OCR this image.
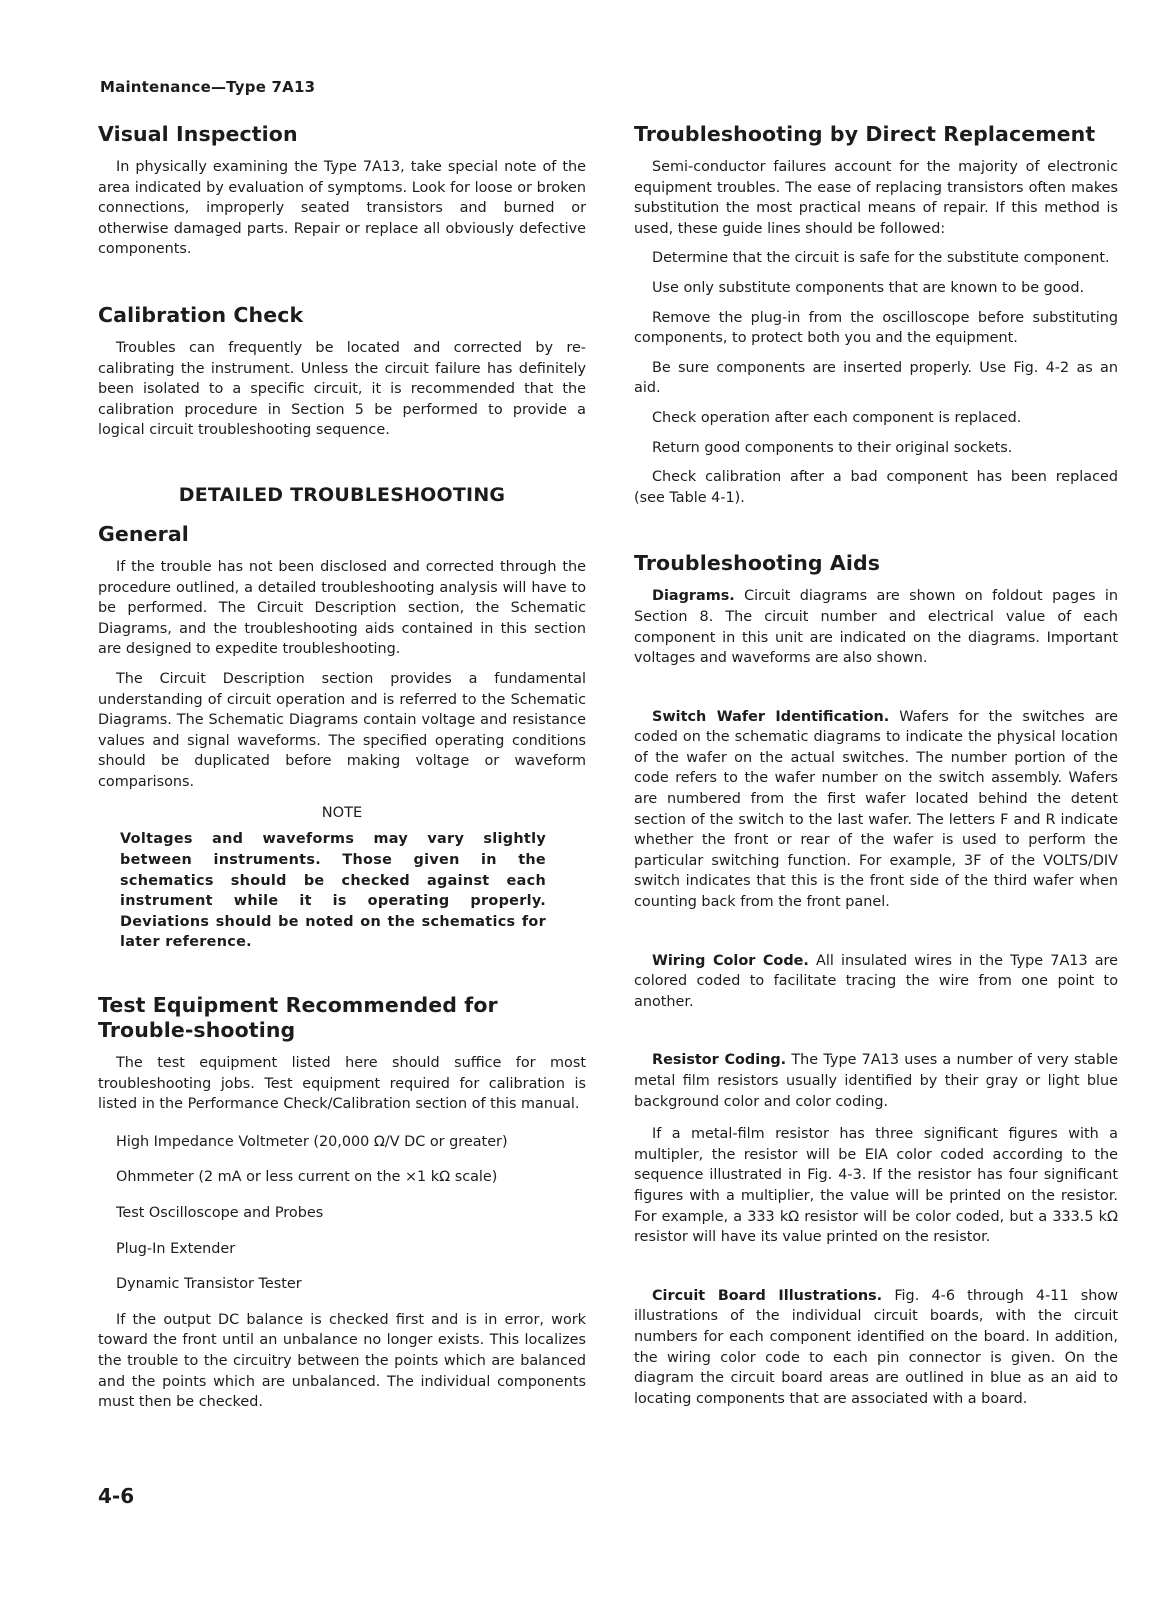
Maintenance—Type 7A13
Visual Inspection

In physically examining the Type 7A13, take special note of the area indicated by evaluation of symptoms. Look for loose or broken connections, improperly seated transistors and burned or otherwise damaged parts. Repair or replace all obviously defective components.

Calibration Check

Troubles can frequently be located and corrected by re-calibrating the instrument. Unless the circuit failure has definitely been isolated to a specific circuit, it is recommended that the calibration procedure in Section 5 be performed to provide a logical circuit troubleshooting sequence.

DETAILED TROUBLESHOOTING
General

If the trouble has not been disclosed and corrected through the procedure outlined, a detailed troubleshooting analysis will have to be performed. The Circuit Description section, the Schematic Diagrams, and the troubleshooting aids contained in this section are designed to expedite troubleshooting.

The Circuit Description section provides a fundamental understanding of circuit operation and is referred to the Schematic Diagrams. The Schematic Diagrams contain voltage and resistance values and signal waveforms. The specified operating conditions should be duplicated before making voltage or waveform comparisons.

NOTE
Voltages and waveforms may vary slightly between instruments. Those given in the schematics should be checked against each instrument while it is operating properly. Deviations should be noted on the schematics for later reference.
Test Equipment Recommended for Trouble-shooting

The test equipment listed here should suffice for most troubleshooting jobs. Test equipment required for calibration is listed in the Performance Check/Calibration section of this manual.

High Impedance Voltmeter (20,000 Ω/V DC or greater)

Ohmmeter (2 mA or less current on the ×1 kΩ scale)

Test Oscilloscope and Probes

Plug-In Extender

Dynamic Transistor Tester

If the output DC balance is checked first and is in error, work toward the front until an unbalance no longer exists. This localizes the trouble to the circuitry between the points which are balanced and the points which are unbalanced. The individual components must then be checked.

Troubleshooting by Direct Replacement

Semi-conductor failures account for the majority of electronic equipment troubles. The ease of replacing transistors often makes substitution the most practical means of repair. If this method is used, these guide lines should be followed:

Determine that the circuit is safe for the substitute component.

Use only substitute components that are known to be good.

Remove the plug-in from the oscilloscope before substituting components, to protect both you and the equipment.

Be sure components are inserted properly. Use Fig. 4-2 as an aid.

Check operation after each component is replaced.

Return good components to their original sockets.

Check calibration after a bad component has been replaced (see Table 4-1).

Troubleshooting Aids

Diagrams. Circuit diagrams are shown on foldout pages in Section 8. The circuit number and electrical value of each component in this unit are indicated on the diagrams. Important voltages and waveforms are also shown.

Switch Wafer Identification. Wafers for the switches are coded on the schematic diagrams to indicate the physical location of the wafer on the actual switches. The number portion of the code refers to the wafer number on the switch assembly. Wafers are numbered from the first wafer located behind the detent section of the switch to the last wafer. The letters F and R indicate whether the front or rear of the wafer is used to perform the particular switching function. For example, 3F of the VOLTS/DIV switch indicates that this is the front side of the third wafer when counting back from the front panel.

Wiring Color Code. All insulated wires in the Type 7A13 are colored coded to facilitate tracing the wire from one point to another.

Resistor Coding. The Type 7A13 uses a number of very stable metal film resistors usually identified by their gray or light blue background color and color coding.

If a metal-film resistor has three significant figures with a multipler, the resistor will be EIA color coded according to the sequence illustrated in Fig. 4-3. If the resistor has four significant figures with a multiplier, the value will be printed on the resistor. For example, a 333 kΩ resistor will be color coded, but a 333.5 kΩ resistor will have its value printed on the resistor.

Circuit Board Illustrations. Fig. 4-6 through 4-11 show illustrations of the individual circuit boards, with the circuit numbers for each component identified on the board. In addition, the wiring color code to each pin connector is given. On the diagram the circuit board areas are outlined in blue as an aid to locating components that are associated with a board.

4-6
